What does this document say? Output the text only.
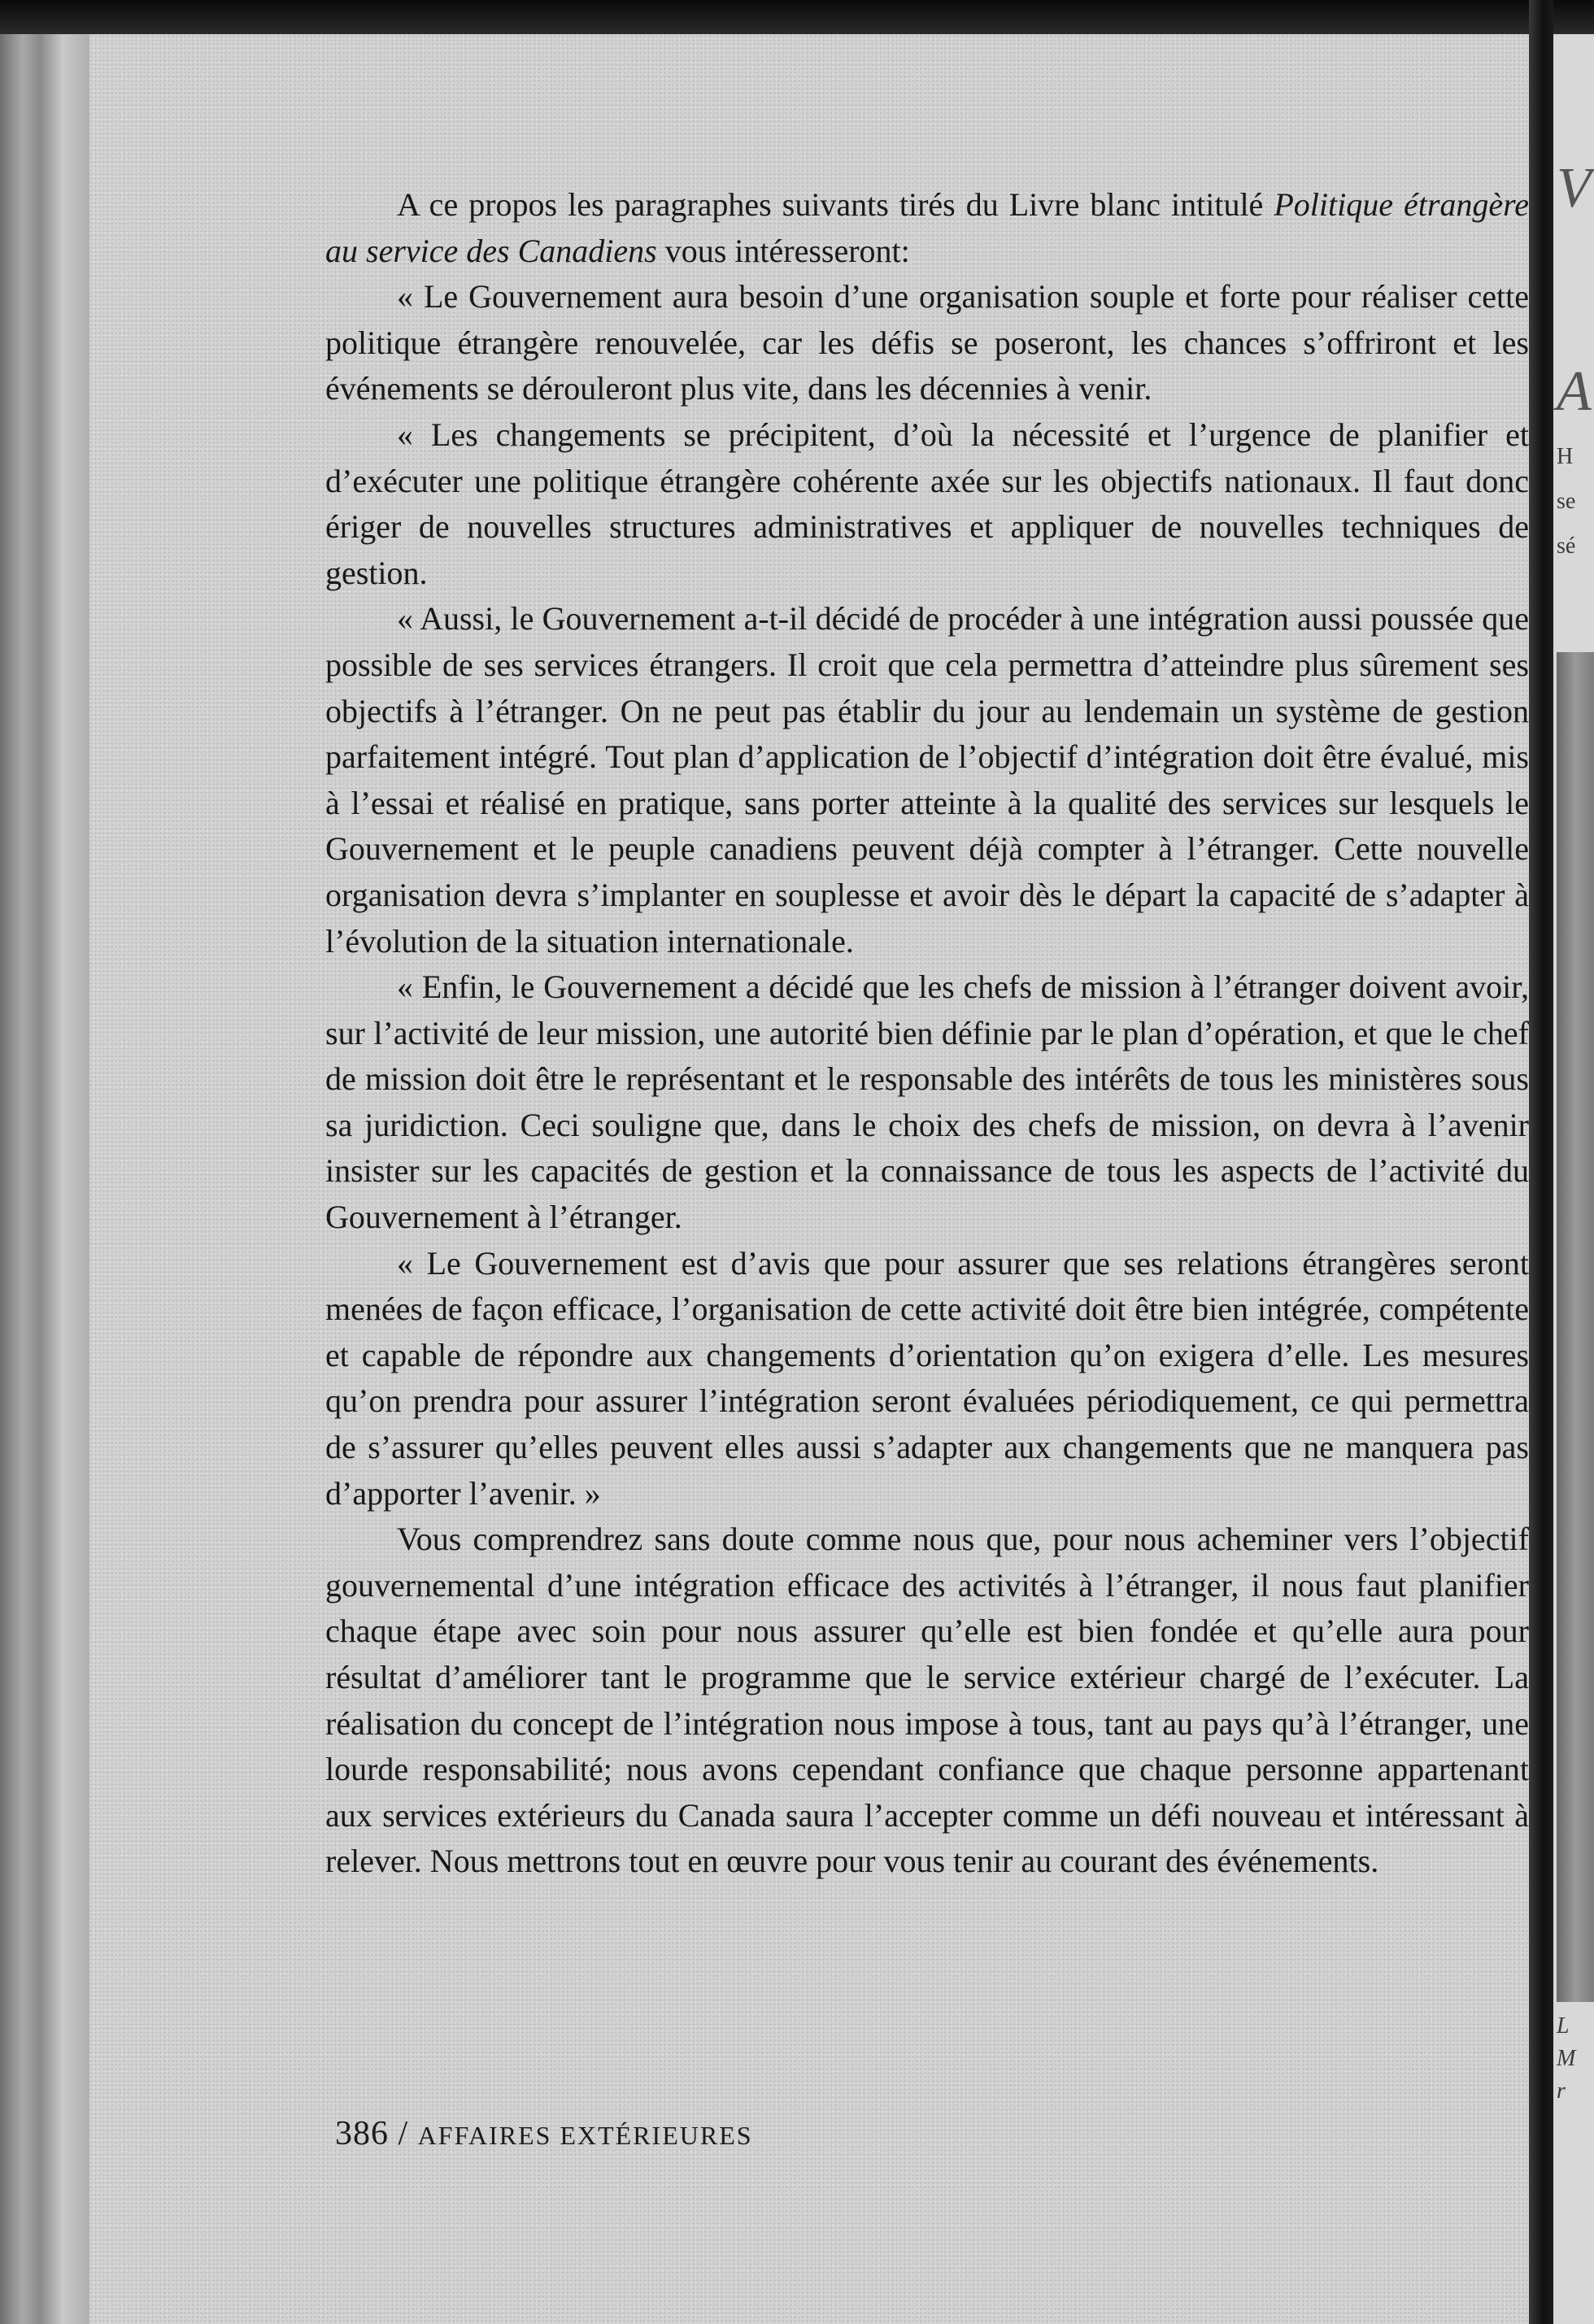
V
A
H
se
sé
L
M
r

A ce propos les paragraphes suivants tirés du Livre blanc intitulé Politique étrangère au service des Canadiens vous intéresseront:

« Le Gouvernement aura besoin d’une organisation souple et forte pour réaliser cette politique étrangère renouvelée, car les défis se poseront, les chances s’offriront et les événements se dérouleront plus vite, dans les décennies à venir.

« Les changements se précipitent, d’où la nécessité et l’urgence de planifier et d’exécuter une politique étrangère cohérente axée sur les objectifs nationaux. Il faut donc ériger de nouvelles structures administratives et appliquer de nouvelles techniques de gestion.

« Aussi, le Gouvernement a-t-il décidé de procéder à une intégration aussi poussée que possible de ses services étrangers. Il croit que cela permettra d’atteindre plus sûrement ses objectifs à l’étranger. On ne peut pas établir du jour au lendemain un système de gestion parfaitement intégré. Tout plan d’application de l’objectif d’intégration doit être évalué, mis à l’essai et réalisé en pratique, sans porter atteinte à la qualité des services sur lesquels le Gouvernement et le peuple canadiens peuvent déjà compter à l’étranger. Cette nouvelle organisation devra s’implanter en souplesse et avoir dès le départ la capacité de s’adapter à l’évolution de la situation internationale.

« Enfin, le Gouvernement a décidé que les chefs de mission à l’étranger doivent avoir, sur l’activité de leur mission, une autorité bien définie par le plan d’opération, et que le chef de mission doit être le représentant et le responsable des intérêts de tous les ministères sous sa juridiction. Ceci souligne que, dans le choix des chefs de mission, on devra à l’avenir insister sur les capacités de gestion et la connaissance de tous les aspects de l’activité du Gouvernement à l’étranger.

« Le Gouvernement est d’avis que pour assurer que ses relations étrangères seront menées de façon efficace, l’organisation de cette activité doit être bien intégrée, compétente et capable de répondre aux changements d’orientation qu’on exigera d’elle. Les mesures qu’on prendra pour assurer l’intégration seront évaluées périodiquement, ce qui permettra de s’assurer qu’elles peuvent elles aussi s’adapter aux changements que ne manquera pas d’apporter l’avenir. »

Vous comprendrez sans doute comme nous que, pour nous acheminer vers l’objectif gouvernemental d’une intégration efficace des activités à l’étranger, il nous faut planifier chaque étape avec soin pour nous assurer qu’elle est bien fondée et qu’elle aura pour résultat d’améliorer tant le programme que le service extérieur chargé de l’exécuter. La réalisation du concept de l’intégration nous impose à tous, tant au pays qu’à l’étranger, une lourde responsabilité; nous avons cependant confiance que chaque personne appartenant aux services extérieurs du Canada saura l’accepter comme un défi nouveau et intéressant à relever. Nous mettrons tout en œuvre pour vous tenir au courant des événements.

386 / AFFAIRES EXTÉRIEURES
